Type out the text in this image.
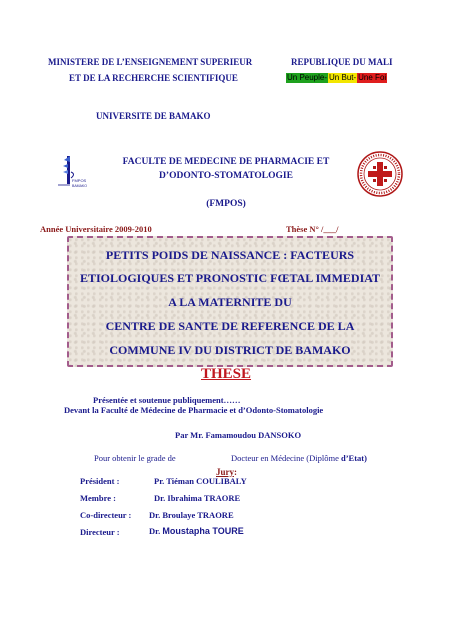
MINISTERE DE L’ENSEIGNEMENT SUPERIEUR
ET DE LA RECHERCHE SCIENTIFIQUE
REPUBLIQUE DU MALI
Un Peuple- Un But- Une Foi
UNIVERSITE DE BAMAKO
FMPOS
BAMAKO
FACULTE DE MEDECINE DE PHARMACIE ET
D’ODONTO-STOMATOLOGIE
(FMPOS)
Année Universitaire 2009-2010	Thèse N° /___/
PETITS POIDS DE NAISSANCE : FACTEURS
ETIOLOGIQUES ET PRONOSTIC FŒTAL IMMEDIAT
A LA MATERNITE DU
CENTRE DE SANTE DE REFERENCE DE LA
COMMUNE IV DU DISTRICT DE BAMAKO
THESE
Présentée et soutenue publiquement……
Devant la Faculté de Médecine de Pharmacie et d’Odonto-Stomatologie
Par Mr. Famamoudou DANSOKO
Pour obtenir le grade de	Docteur en Médecine (Diplôme d’Etat)
Jury:
Président :	Pr. Tiéman COULIBALY
Membre :	Dr. Ibrahima TRAORE
Co-directeur : Dr. Broulaye TRAORE
Directeur :	Dr. Moustapha TOURE
